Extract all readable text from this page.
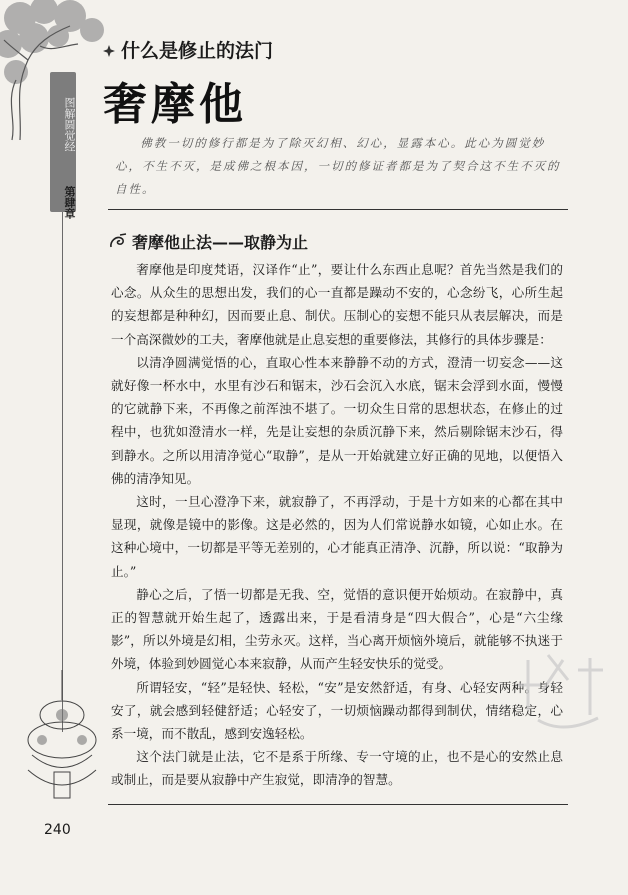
图解圆觉经
第肆章
什么是修止的法门
奢摩他
佛教一切的修行都是为了除灭幻相、幻心，显露本心。此心为圆觉妙心，不生不灭，是成佛之根本因，一切的修证者都是为了契合这不生不灭的自性。
奢摩他止法——取静为止

奢摩他是印度梵语，汉译作“止”，要让什么东西止息呢？首先当然是我们的心念。从众生的思想出发，我们的心一直都是躁动不安的，心念纷飞，心所生起的妄想都是种种幻，因而要止息、制伏。压制心的妄想不能只从表层解决，而是一个高深微妙的工夫，奢摩他就是止息妄想的重要修法，其修行的具体步骤是：

以清净圆满觉悟的心，直取心性本来静静不动的方式，澄清一切妄念——这就好像一杯水中，水里有沙石和锯末，沙石会沉入水底，锯末会浮到水面，慢慢的它就静下来，不再像之前浑浊不堪了。一切众生日常的思想状态，在修止的过程中，也犹如澄清水一样，先是让妄想的杂质沉静下来，然后剔除锯末沙石，得到静水。之所以用清净觉心“取静”，是从一开始就建立好正确的见地，以便悟入佛的清净知见。

这时，一旦心澄净下来，就寂静了，不再浮动，于是十方如来的心都在其中显现，就像是镜中的影像。这是必然的，因为人们常说静水如镜，心如止水。在这种心境中，一切都是平等无差别的，心才能真正清净、沉静，所以说：“取静为止。”

静心之后，了悟一切都是无我、空，觉悟的意识便开始烦动。在寂静中，真正的智慧就开始生起了，透露出来，于是看清身是“四大假合”，心是“六尘缘影”，所以外境是幻相，尘劳永灭。这样，当心离开烦恼外境后，就能够不执迷于外境，体验到妙圆觉心本来寂静，从而产生轻安快乐的觉受。

所谓轻安，“轻”是轻快、轻松，“安”是安然舒适，有身、心轻安两种。身轻安了，就会感到轻健舒适；心轻安了，一切烦恼躁动都得到制伏，情绪稳定，心系一境，而不散乱，感到安逸轻松。

这个法门就是止法，它不是系于所缘、专一守境的止，也不是心的安然止息或制止，而是要从寂静中产生寂觉，即清净的智慧。

240
